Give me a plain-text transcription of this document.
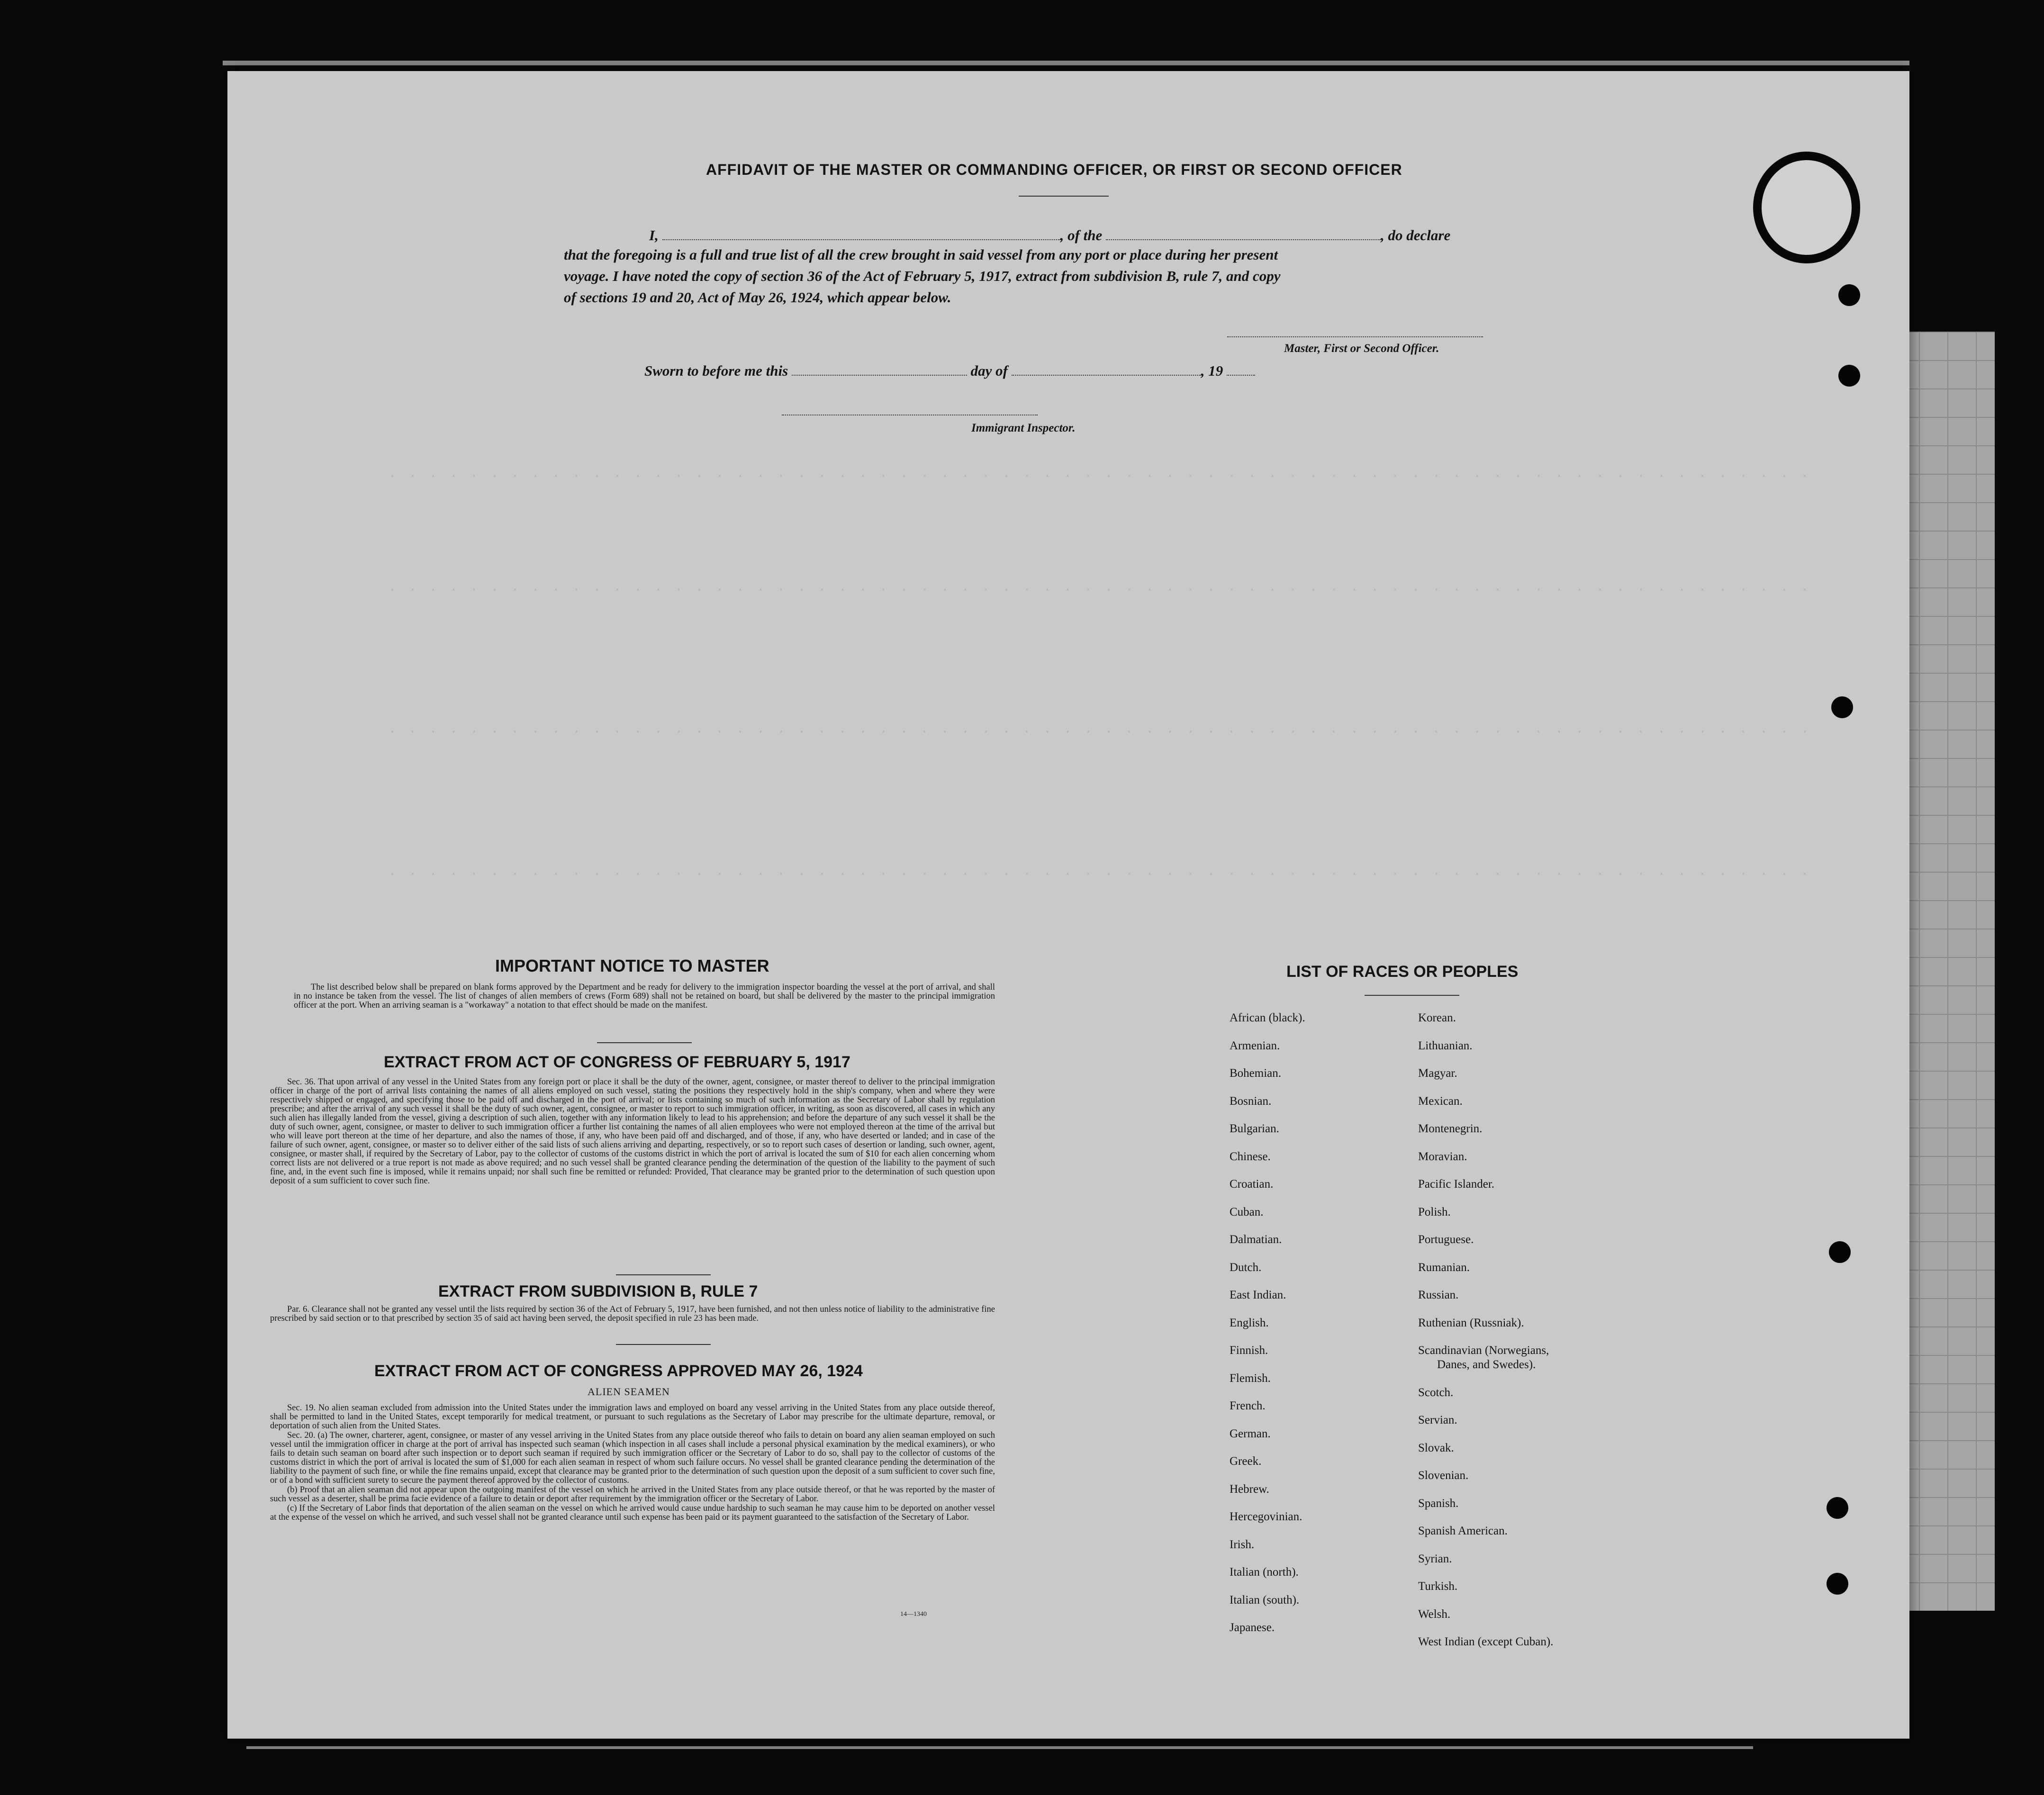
· · · · · · · · · · · · · · · · · · · · · · · · · · · · · · · · · · · · · · · · · · · · · · · · · · · · · · · · · · · · · · · · · · · · · ·
· · · · · · · · · · · · · · · · · · · · · · · · · · · · · · · · · · · · · · · · · · · · · · · · · · · · · · · · · · · · · · · · · · · · · ·
· · · · · · · · · · · · · · · · · · · · · · · · · · · · · · · · · · · · · · · · · · · · · · · · · · · · · · · · · · · · · · · · · · · · · ·
· · · · · · · · · · · · · · · · · · · · · · · · · · · · · · · · · · · · · · · · · · · · · · · · · · · · · · · · · · · · · · · · · · · · · ·
AFFIDAVIT OF THE MASTER OR COMMANDING OFFICER, OR FIRST OR SECOND OFFICER
I,	, of the	, do declare
that the foregoing is a full and true list of all the crew brought in said vessel from any port or place during her present
voyage. I have noted the copy of section 36 of the Act of February 5, 1917, extract from subdivision B, rule 7, and copy
of sections 19 and 20, Act of May 26, 1924, which appear below.
Master, First or Second Officer.
Sworn to before me this	day of	, 19
Immigrant Inspector.
IMPORTANT NOTICE TO MASTER

The list described below shall be prepared on blank forms approved by the Department and be ready for delivery to the immigration inspector boarding the vessel at the port of arrival, and shall in no instance be taken from the vessel. The list of changes of alien members of crews (Form 689) shall not be retained on board, but shall be delivered by the master to the principal immigration officer at the port. When an arriving seaman is a "workaway" a notation to that effect should be made on the manifest.

EXTRACT FROM ACT OF CONGRESS OF FEBRUARY 5, 1917

Sec. 36. That upon arrival of any vessel in the United States from any foreign port or place it shall be the duty of the owner, agent, consignee, or master thereof to deliver to the principal immigration officer in charge of the port of arrival lists containing the names of all aliens employed on such vessel, stating the positions they respectively hold in the ship's company, when and where they were respectively shipped or engaged, and specifying those to be paid off and discharged in the port of arrival; or lists containing so much of such information as the Secretary of Labor shall by regulation prescribe; and after the arrival of any such vessel it shall be the duty of such owner, agent, consignee, or master to report to such immigration officer, in writing, as soon as discovered, all cases in which any such alien has illegally landed from the vessel, giving a description of such alien, together with any information likely to lead to his apprehension; and before the departure of any such vessel it shall be the duty of such owner, agent, consignee, or master to deliver to such immigration officer a further list containing the names of all alien employees who were not employed thereon at the time of the arrival but who will leave port thereon at the time of her departure, and also the names of those, if any, who have been paid off and discharged, and of those, if any, who have deserted or landed; and in case of the failure of such owner, agent, consignee, or master so to deliver either of the said lists of such aliens arriving and departing, respectively, or so to report such cases of desertion or landing, such owner, agent, consignee, or master shall, if required by the Secretary of Labor, pay to the collector of customs of the customs district in which the port of arrival is located the sum of $10 for each alien concerning whom correct lists are not delivered or a true report is not made as above required; and no such vessel shall be granted clearance pending the determination of the question of the liability to the payment of such fine, and, in the event such fine is imposed, while it remains unpaid; nor shall such fine be remitted or refunded: Provided, That clearance may be granted prior to the determination of such question upon deposit of a sum sufficient to cover such fine.

EXTRACT FROM SUBDIVISION B, RULE 7

Par. 6. Clearance shall not be granted any vessel until the lists required by section 36 of the Act of February 5, 1917, have been furnished, and not then unless notice of liability to the administrative fine prescribed by said section or to that prescribed by section 35 of said act having been served, the deposit specified in rule 23 has been made.

EXTRACT FROM ACT OF CONGRESS APPROVED MAY 26, 1924
ALIEN SEAMEN

Sec. 19. No alien seaman excluded from admission into the United States under the immigration laws and employed on board any vessel arriving in the United States from any place outside thereof, shall be permitted to land in the United States, except temporarily for medical treatment, or pursuant to such regulations as the Secretary of Labor may prescribe for the ultimate departure, removal, or deportation of such alien from the United States.

Sec. 20. (a) The owner, charterer, agent, consignee, or master of any vessel arriving in the United States from any place outside thereof who fails to detain on board any alien seaman employed on such vessel until the immigration officer in charge at the port of arrival has inspected such seaman (which inspection in all cases shall include a personal physical examination by the medical examiners), or who fails to detain such seaman on board after such inspection or to deport such seaman if required by such immigration officer or the Secretary of Labor to do so, shall pay to the collector of customs of the customs district in which the port of arrival is located the sum of $1,000 for each alien seaman in respect of whom such failure occurs. No vessel shall be granted clearance pending the determination of the liability to the payment of such fine, or while the fine remains unpaid, except that clearance may be granted prior to the determination of such question upon the deposit of a sum sufficient to cover such fine, or of a bond with sufficient surety to secure the payment thereof approved by the collector of customs.

(b) Proof that an alien seaman did not appear upon the outgoing manifest of the vessel on which he arrived in the United States from any place outside thereof, or that he was reported by the master of such vessel as a deserter, shall be prima facie evidence of a failure to detain or deport after requirement by the immigration officer or the Secretary of Labor.

(c) If the Secretary of Labor finds that deportation of the alien seaman on the vessel on which he arrived would cause undue hardship to such seaman he may cause him to be deported on another vessel at the expense of the vessel on which he arrived, and such vessel shall not be granted clearance until such expense has been paid or its payment guaranteed to the satisfaction of the Secretary of Labor.

14—1340
LIST OF RACES OR PEOPLES
African (black).
Armenian.
Bohemian.
Bosnian.
Bulgarian.
Chinese.
Croatian.
Cuban.
Dalmatian.
Dutch.
East Indian.
English.
Finnish.
Flemish.
French.
German.
Greek.
Hebrew.
Hercegovinian.
Irish.
Italian (north).
Italian (south).
Japanese.
Korean.
Lithuanian.
Magyar.
Mexican.
Montenegrin.
Moravian.
Pacific Islander.
Polish.
Portuguese.
Rumanian.
Russian.
Ruthenian (Russniak).
Scandinavian (Norwegians,
Danes, and Swedes).
Scotch.
Servian.
Slovak.
Slovenian.
Spanish.
Spanish American.
Syrian.
Turkish.
Welsh.
West Indian (except Cuban).
